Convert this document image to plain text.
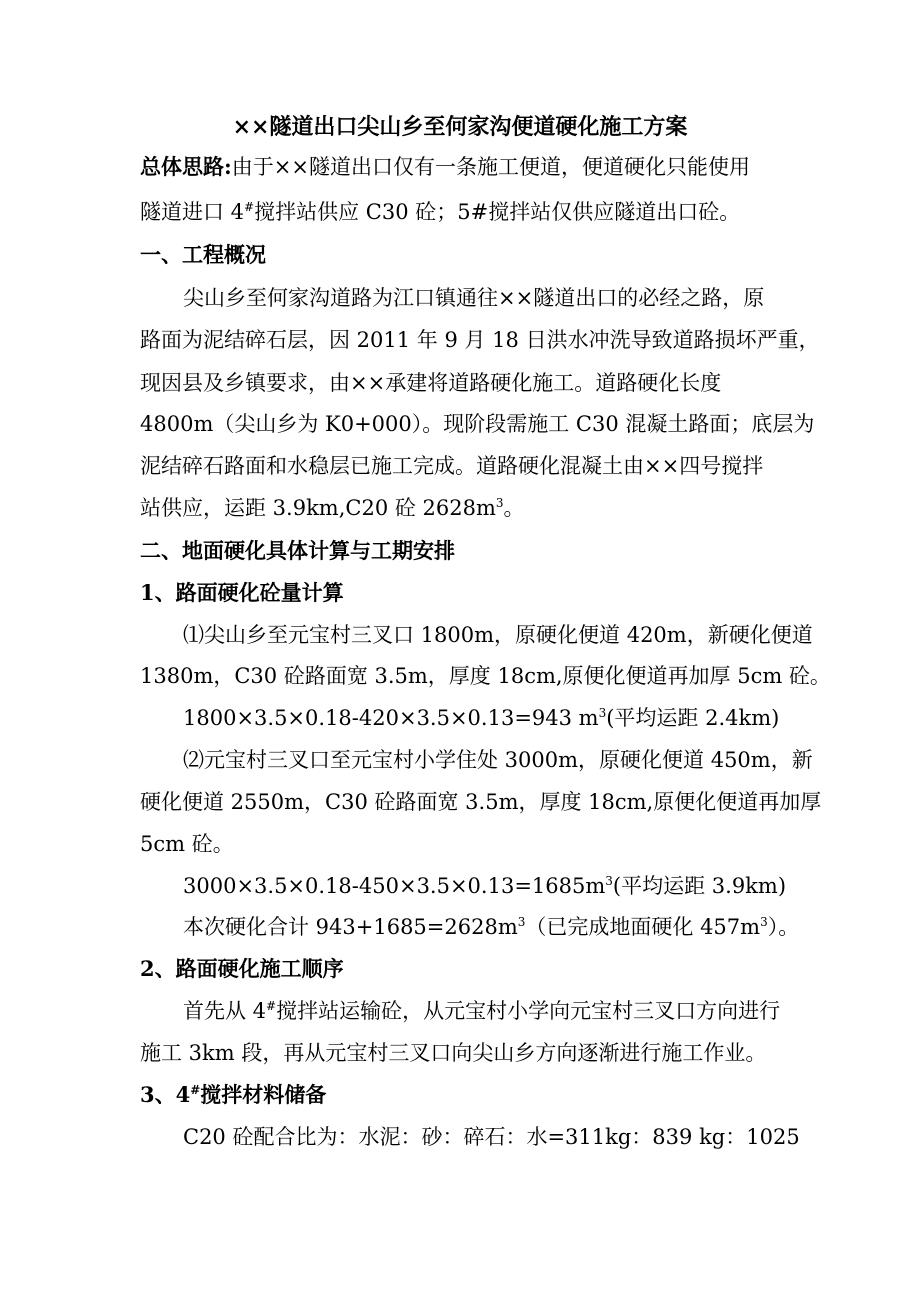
××隧道出口尖山乡至何家沟便道硬化施工方案
总体思路:由于××隧道出口仅有一条施工便道，便道硬化只能使用
隧道进口 4#搅拌站供应 C30 砼；5#搅拌站仅供应隧道出口砼。
一、工程概况
尖山乡至何家沟道路为江口镇通往××隧道出口的必经之路，原
路面为泥结碎石层，因 2011 年 9 月 18 日洪水冲洗导致道路损坏严重，
现因县及乡镇要求，由××承建将道路硬化施工。道路硬化长度
4800m（尖山乡为 K0+000）。现阶段需施工 C30 混凝土路面；底层为
泥结碎石路面和水稳层已施工完成。道路硬化混凝土由××四号搅拌
站供应，运距 3.9km,C20 砼 $2628m^3$。
二、地面硬化具体计算与工期安排
1、路面硬化砼量计算
⑴尖山乡至元宝村三叉口 1800m，原硬化便道 420m，新硬化便道
1380m，C30 砼路面宽 3.5m，厚度 18cm,原便化便道再加厚 5cm 砼。
1800×3.5×0.18-420×3.5×0.13=943 $m^3$(平均运距 2.4km)
⑵元宝村三叉口至元宝村小学住处 3000m，原硬化便道 450m，新
硬化便道 2550m，C30 砼路面宽 3.5m，厚度 18cm,原便化便道再加厚
5cm 砼。
$3000\times 3.5\times 0.18-450\times 3.5\times 0.13=1685m^3$(平均运距 3.9km)
本次硬化合计 $943+1685=2628m^3$（已完成地面硬化 $457m^3$）。
2、路面硬化施工顺序
首先从 4#搅拌站运输砼，从元宝村小学向元宝村三叉口方向进行
施工 3km 段，再从元宝村三叉口向尖山乡方向逐渐进行施工作业。
3、4#搅拌材料储备
C20 砼配合比为：水泥：砂：碎石：水=311kg：839 kg：1025
